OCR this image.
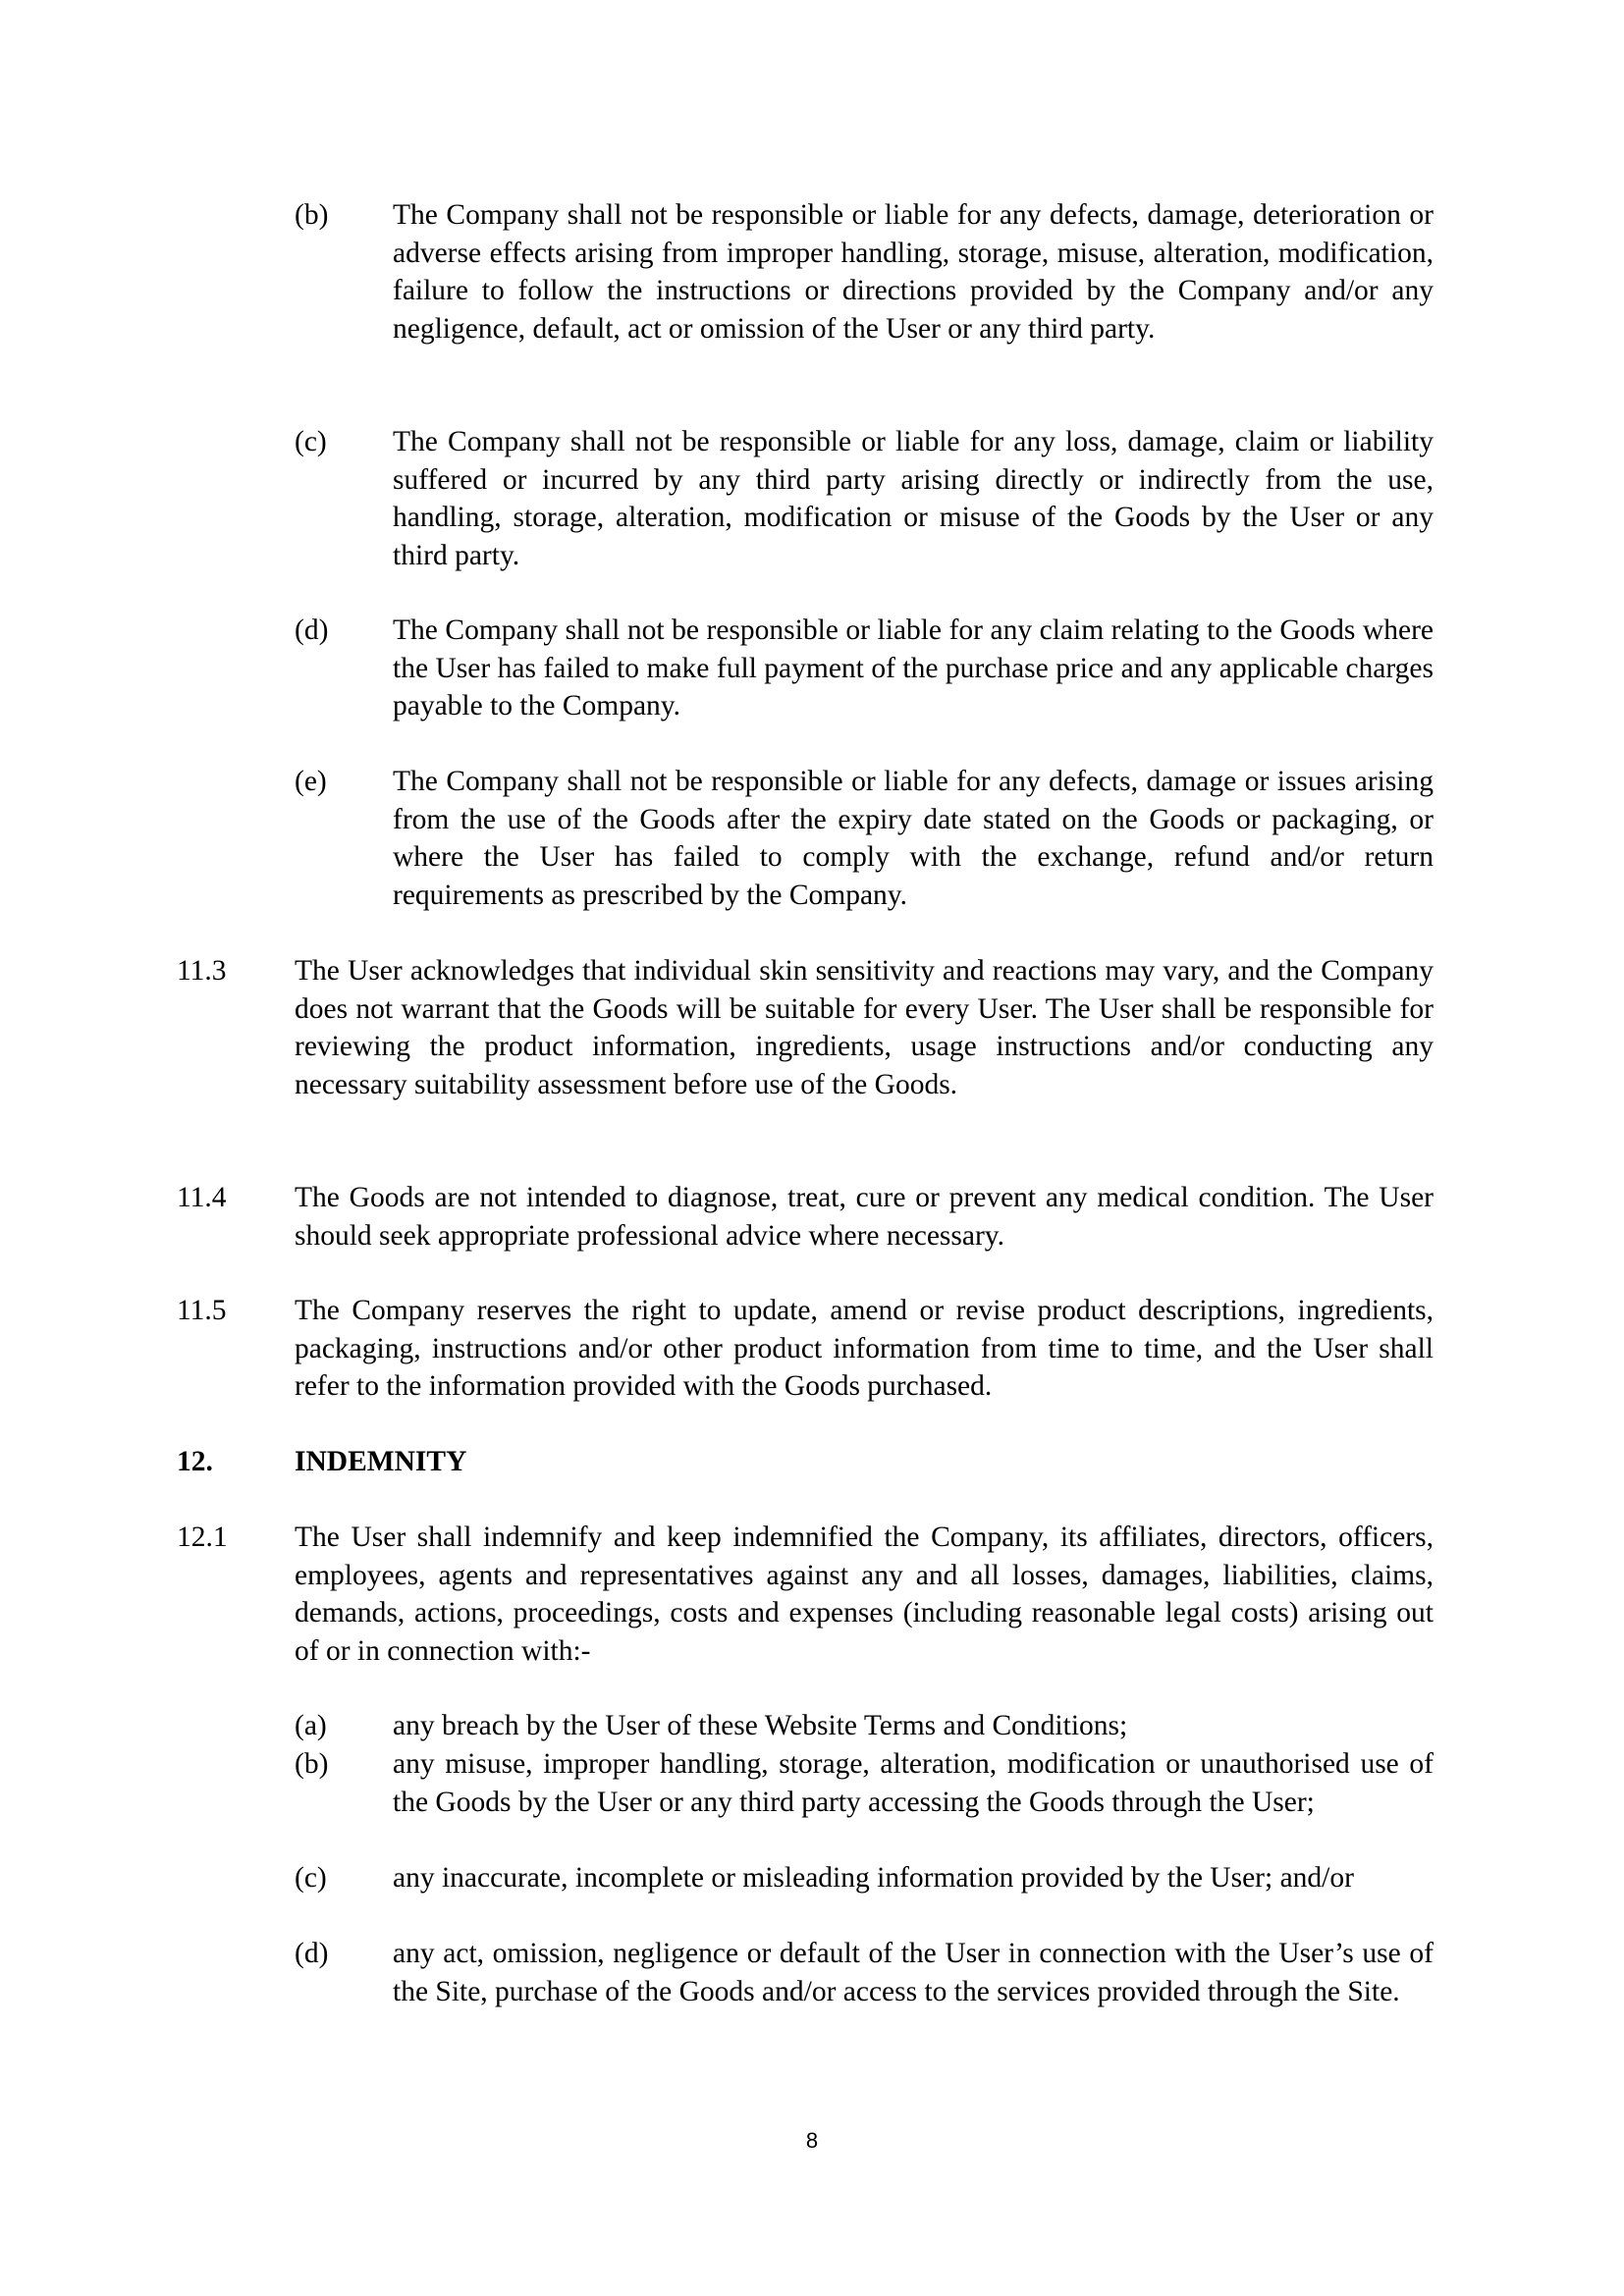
(b) The Company shall not be responsible or liable for any defects, damage, deterioration or adverse effects arising from improper handling, storage, misuse, alteration, modification, failure to follow the instructions or directions provided by the Company and/or any negligence, default, act or omission of the User or any third party.
(c) The Company shall not be responsible or liable for any loss, damage, claim or liability suffered or incurred by any third party arising directly or indirectly from the use, handling, storage, alteration, modification or misuse of the Goods by the User or any third party.
(d) The Company shall not be responsible or liable for any claim relating to the Goods where the User has failed to make full payment of the purchase price and any applicable charges payable to the Company.
(e) The Company shall not be responsible or liable for any defects, damage or issues arising from the use of the Goods after the expiry date stated on the Goods or packaging, or where the User has failed to comply with the exchange, refund and/or return requirements as prescribed by the Company.
11.3 The User acknowledges that individual skin sensitivity and reactions may vary, and the Company does not warrant that the Goods will be suitable for every User. The User shall be responsible for reviewing the product information, ingredients, usage instructions and/or conducting any necessary suitability assessment before use of the Goods.
11.4 The Goods are not intended to diagnose, treat, cure or prevent any medical condition. The User should seek appropriate professional advice where necessary.
11.5 The Company reserves the right to update, amend or revise product descriptions, ingredients, packaging, instructions and/or other product information from time to time, and the User shall refer to the information provided with the Goods purchased.
12.	INDEMNITY
12.1 The User shall indemnify and keep indemnified the Company, its affiliates, directors, officers, employees, agents and representatives against any and all losses, damages, liabilities, claims, demands, actions, proceedings, costs and expenses (including reasonable legal costs) arising out of or in connection with:-
(a) any breach by the User of these Website Terms and Conditions;
(b) any misuse, improper handling, storage, alteration, modification or unauthorised use of the Goods by the User or any third party accessing the Goods through the User;
(c) any inaccurate, incomplete or misleading information provided by the User; and/or
(d) any act, omission, negligence or default of the User in connection with the User’s use of the Site, purchase of the Goods and/or access to the services provided through the Site.
8
